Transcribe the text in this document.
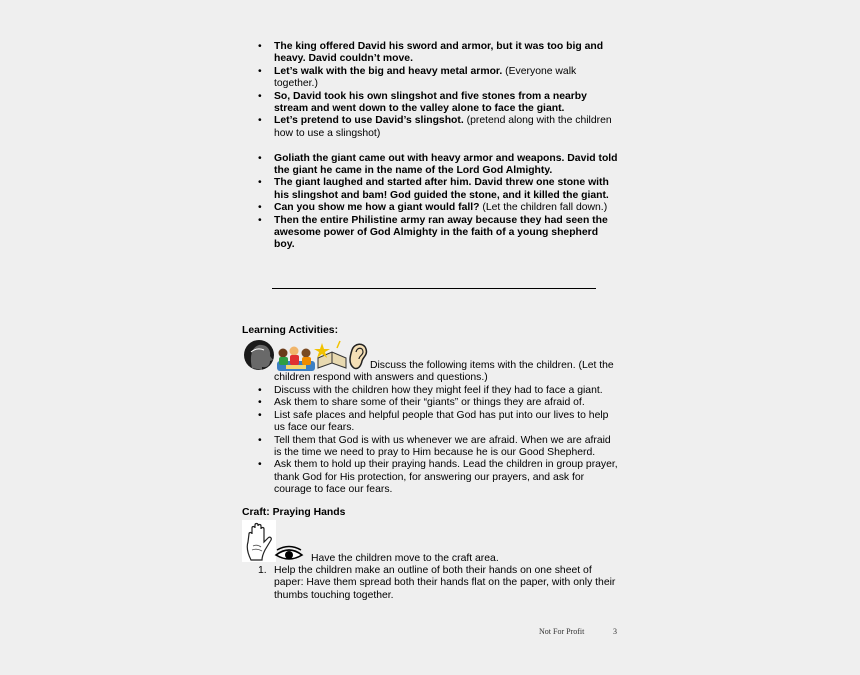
• The king offered David his sword and armor, but it was too big and heavy. David couldn’t move.
• Let’s walk with the big and heavy metal armor. (Everyone walk together.)
• So, David took his own slingshot and five stones from a nearby stream and went down to the valley alone to face the giant.
• Let’s pretend to use David’s slingshot. (pretend along with the children how to use a slingshot)
• Goliath the giant came out with heavy armor and weapons. David told the giant he came in the name of the Lord God Almighty.
• The giant laughed and started after him. David threw one stone with his slingshot and bam! God guided the stone, and it killed the giant.
• Can you show me how a giant would fall? (Let the children fall down.)
• Then the entire Philistine army ran away because they had seen the awesome power of God Almighty in the faith of a young shepherd boy.
Learning Activities:
Discuss the following items with the children. (Let the children respond with answers and questions.)
• Discuss with the children how they might feel if they had to face a giant.
• Ask them to share some of their “giants” or things they are afraid of.
• List safe places and helpful people that God has put into our lives to help us face our fears.
• Tell them that God is with us whenever we are afraid. When we are afraid is the time we need to pray to Him because he is our Good Shepherd.
• Ask them to hold up their praying hands. Lead the children in group prayer, thank God for His protection, for answering our prayers, and ask for courage to face our fears.
Craft: Praying Hands
Have the children move to the craft area.
1. Help the children make an outline of both their hands on one sheet of paper: Have them spread both their hands flat on the paper, with only their thumbs touching together.
Not For Profit	3
